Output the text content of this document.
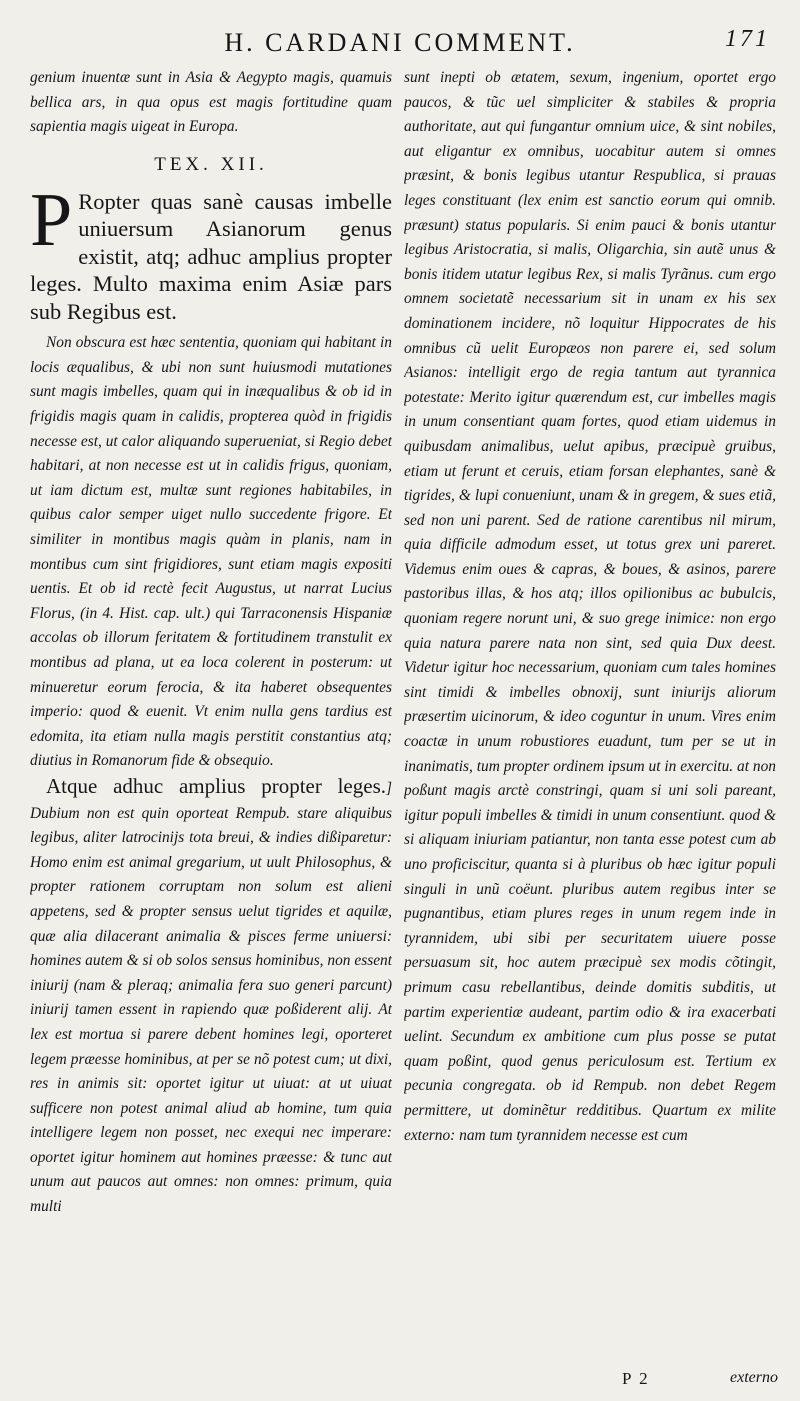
H. CARDANI COMMENT.	171

genium inuentæ sunt in Asia & Aegypto magis, quamuis bellica ars, in qua opus est magis fortitudine quam sapientia magis uigeat in Europa.

TEX. XII.
P Ropter quas sanè causas imbelle uniuersum Asianorum genus existit, atq; adhuc amplius propter leges. Multo maxima enim Asiæ pars sub Regibus est.

Non obscura est hæc sententia, quoniam qui habitant in locis æqualibus, & ubi non sunt huiusmodi mutationes sunt magis imbelles, quam qui in inæqualibus & ob id in frigidis magis quam in calidis, propterea quòd in frigidis necesse est, ut calor aliquando superueniat, si Regio debet habitari, at non necesse est ut in calidis frigus, quoniam, ut iam dictum est, multæ sunt regiones habitabiles, in quibus calor semper uiget nullo succedente frigore. Et similiter in montibus magis quàm in planis, nam in montibus cum sint frigidiores, sunt etiam magis expositi uentis. Et ob id rectè fecit Augustus, ut narrat Lucius Florus, (in 4. Hist. cap. ult.) qui Tarraconensis Hispaniæ accolas ob illorum feritatem & fortitudinem transtulit ex montibus ad plana, ut ea loca colerent in posterum: ut minueretur eorum ferocia, & ita haberet obsequentes imperio: quod & euenit. Vt enim nulla gens tardius est edomita, ita etiam nulla magis perstitit constantius atq; diutius in Romanorum fide & obsequio.

Atque adhuc amplius propter leges.] Dubium non est quin oporteat Rempub. stare aliquibus legibus, aliter latrocinijs tota breui, & indies dißiparetur: Homo enim est animal gregarium, ut uult Philosophus, & propter rationem corruptam non solum est alieni appetens, sed & propter sensus uelut tigrides et aquilæ, quæ alia dilacerant animalia & pisces ferme uniuersi: homines autem & si ob solos sensus hominibus, non essent iniurij (nam & pleraq; animalia fera suo generi parcunt) iniurij tamen essent in rapiendo quæ poßiderent alij. At lex est mortua si parere debent homines legi, oporteret legem præesse hominibus, at per se nõ potest cum; ut dixi, res in animis sit: oportet igitur ut uiuat: at ut uiuat sufficere non potest animal aliud ab homine, tum quia intelligere legem non posset, nec exequi nec imperare: oportet igitur hominem aut homines præesse: & tunc aut unum aut paucos aut omnes: non omnes: primum, quia multi

sunt inepti ob ætatem, sexum, ingenium, oportet ergo paucos, & tũc uel simpliciter & stabiles & propria authoritate, aut qui fungantur omnium uice, & sint nobiles, aut eligantur ex omnibus, uocabitur autem si omnes præsint, & bonis legibus utantur Respublica, si prauas leges constituant (lex enim est sanctio eorum qui omnib. præsunt) status popularis. Si enim pauci & bonis utantur legibus Aristocratia, si malis, Oligarchia, sin autẽ unus & bonis itidem utatur legibus Rex, si malis Tyrãnus. cum ergo omnem societatẽ necessarium sit in unam ex his sex dominationem incidere, nõ loquitur Hippocrates de his omnibus cũ uelit Europæos non parere ei, sed solum Asianos: intelligit ergo de regia tantum aut tyrannica potestate: Merito igitur quærendum est, cur imbelles magis in unum consentiant quam fortes, quod etiam uidemus in quibusdam animalibus, uelut apibus, præcipuè gruibus, etiam ut ferunt et ceruis, etiam forsan elephantes, sanè & tigrides, & lupi conueniunt, unam & in gregem, & sues etiã, sed non uni parent. Sed de ratione carentibus nil mirum, quia difficile admodum esset, ut totus grex uni pareret. Videmus enim oues & capras, & boues, & asinos, parere pastoribus illas, & hos atq; illos opilionibus ac bubulcis, quoniam regere norunt uni, & suo grege inimice: non ergo quia natura parere nata non sint, sed quia Dux deest. Videtur igitur hoc necessarium, quoniam cum tales homines sint timidi & imbelles obnoxij, sunt iniurijs aliorum præsertim uicinorum, & ideo coguntur in unum. Vires enim coactæ in unum robustiores euadunt, tum per se ut in inanimatis, tum propter ordinem ipsum ut in exercitu. at non poßunt magis arctè constringi, quam si uni soli pareant, igitur populi imbelles & timidi in unum consentiunt. quod & si aliquam iniuriam patiantur, non tanta esse potest cum ab uno proficiscitur, quanta si à pluribus ob hæc igitur populi singuli in unũ coëunt. pluribus autem regibus inter se pugnantibus, etiam plures reges in unum regem inde in tyrannidem, ubi sibi per securitatem uiuere posse persuasum sit, hoc autem præcipuè sex modis cõtingit, primum casu rebellantibus, deinde domitis subditis, ut partim experientiæ audeant, partim odio & ira exacerbati uelint. Secundum ex ambitione cum plus posse se putat quam poßint, quod genus periculosum est. Tertium ex pecunia congregata. ob id Rempub. non debet Regem permittere, ut dominẽtur redditibus. Quartum ex milite externo: nam tum tyrannidem necesse est cum

P 2	externo
